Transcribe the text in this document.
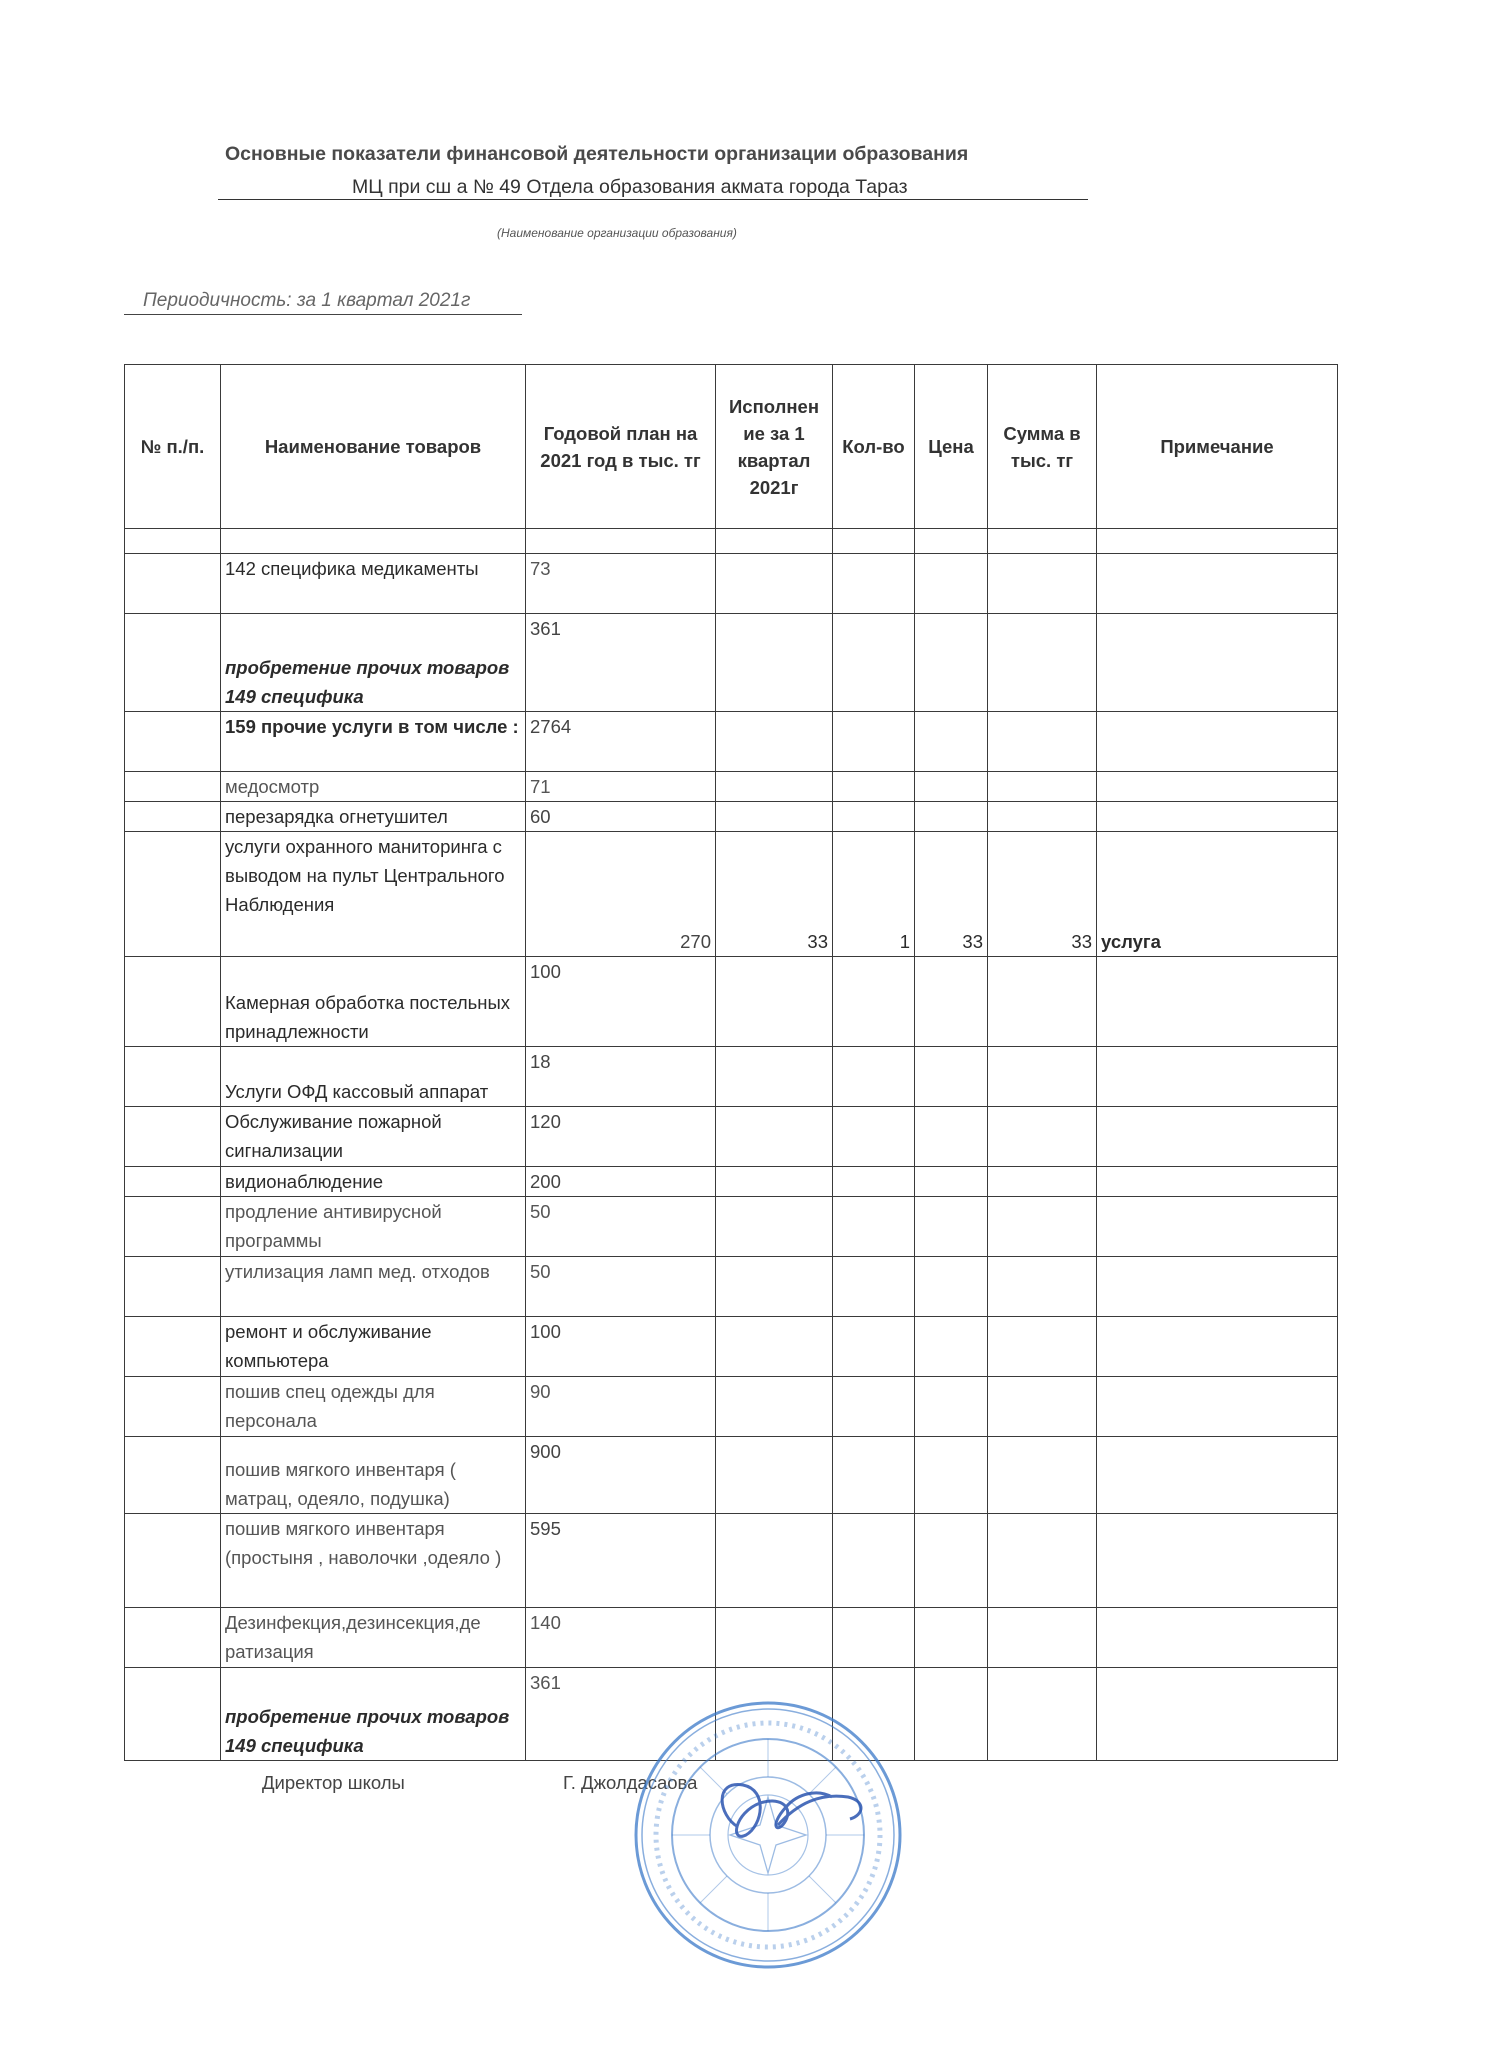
Основные показатели финансовой деятельности организации образования
МЦ при сш а № 49 Отдела образования акмата города Тараз
(Наименование организации образования)
Периодичность: за 1 квартал 2021г
№ п./п.	Наименование товаров	Годовой план на 2021 год в тыс. тг	Исполнен ие за 1 квартал 2021г	Кол-во	Цена	Сумма в тыс. тг	Примечание

	142 специфика медикаменты	73					
	пробретение прочих товаров 149 специфика	361					
	159 прочие услуги в том числе :	2764					
	медосмотр	71					
	перезарядка огнетушител	60					
	услуги охранного маниторинга с выводом на пульт Центрального Наблюдения	270	33	1	33	33	услуга
	Камерная обработка постельных принадлежности	100					
	Услуги ОФД кассовый аппарат	18					
	Обслуживание пожарной сигнализации	120					
	видионаблюдение	200					
	продление антивирусной программы	50					
	утилизация ламп мед. отходов	50					
	ремонт и обслуживание компьютера	100					
	пошив спец одежды для персонала	90					
	пошив мягкого инвентаря ( матрац, одеяло, подушка)	900					
	пошив мягкого инвентаря (простыня , наволочки ,одеяло )	595					
	Дезинфекция,дезинсекция,де ратизация	140					
	пробретение прочих товаров 149 специфика	361					
Директор школы	Г. Джолдасаова
